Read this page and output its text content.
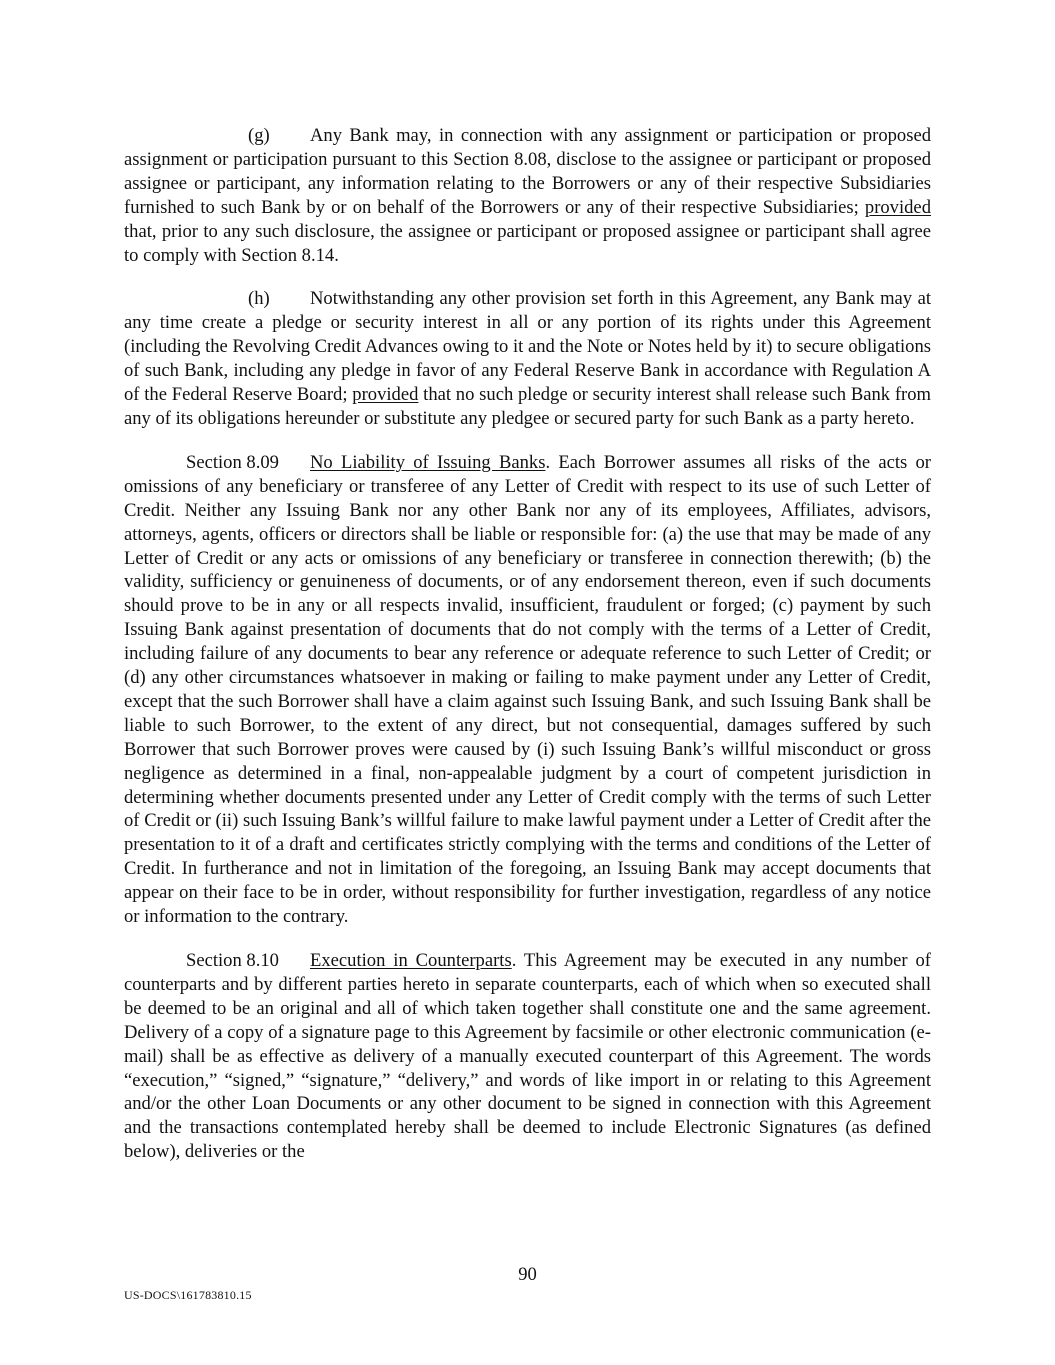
(g) Any Bank may, in connection with any assignment or participation or proposed assignment or participation pursuant to this Section 8.08, disclose to the assignee or participant or proposed assignee or participant, any information relating to the Borrowers or any of their respective Subsidiaries furnished to such Bank by or on behalf of the Borrowers or any of their respective Subsidiaries; provided that, prior to any such disclosure, the assignee or participant or proposed assignee or participant shall agree to comply with Section 8.14.

(h) Notwithstanding any other provision set forth in this Agreement, any Bank may at any time create a pledge or security interest in all or any portion of its rights under this Agreement (including the Revolving Credit Advances owing to it and the Note or Notes held by it) to secure obligations of such Bank, including any pledge in favor of any Federal Reserve Bank in accordance with Regulation A of the Federal Reserve Board; provided that no such pledge or security interest shall release such Bank from any of its obligations hereunder or substitute any pledgee or secured party for such Bank as a party hereto.

Section 8.09 No Liability of Issuing Banks. Each Borrower assumes all risks of the acts or omissions of any beneficiary or transferee of any Letter of Credit with respect to its use of such Letter of Credit. Neither any Issuing Bank nor any other Bank nor any of its employees, Affiliates, advisors, attorneys, agents, officers or directors shall be liable or responsible for: (a) the use that may be made of any Letter of Credit or any acts or omissions of any beneficiary or transferee in connection therewith; (b) the validity, sufficiency or genuineness of documents, or of any endorsement thereon, even if such documents should prove to be in any or all respects invalid, insufficient, fraudulent or forged; (c) payment by such Issuing Bank against presentation of documents that do not comply with the terms of a Letter of Credit, including failure of any documents to bear any reference or adequate reference to such Letter of Credit; or (d) any other circumstances whatsoever in making or failing to make payment under any Letter of Credit, except that the such Borrower shall have a claim against such Issuing Bank, and such Issuing Bank shall be liable to such Borrower, to the extent of any direct, but not consequential, damages suffered by such Borrower that such Borrower proves were caused by (i) such Issuing Bank’s willful misconduct or gross negligence as determined in a final, non-appealable judgment by a court of competent jurisdiction in determining whether documents presented under any Letter of Credit comply with the terms of such Letter of Credit or (ii) such Issuing Bank’s willful failure to make lawful payment under a Letter of Credit after the presentation to it of a draft and certificates strictly complying with the terms and conditions of the Letter of Credit. In furtherance and not in limitation of the foregoing, an Issuing Bank may accept documents that appear on their face to be in order, without responsibility for further investigation, regardless of any notice or information to the contrary.

Section 8.10 Execution in Counterparts. This Agreement may be executed in any number of counterparts and by different parties hereto in separate counterparts, each of which when so executed shall be deemed to be an original and all of which taken together shall constitute one and the same agreement. Delivery of a copy of a signature page to this Agreement by facsimile or other electronic communication (e-mail) shall be as effective as delivery of a manually executed counterpart of this Agreement. The words “execution,” “signed,” “signature,” “delivery,” and words of like import in or relating to this Agreement and/or the other Loan Documents or any other document to be signed in connection with this Agreement and the transactions contemplated hereby shall be deemed to include Electronic Signatures (as defined below), deliveries or the

90
US-DOCS\161783810.15
